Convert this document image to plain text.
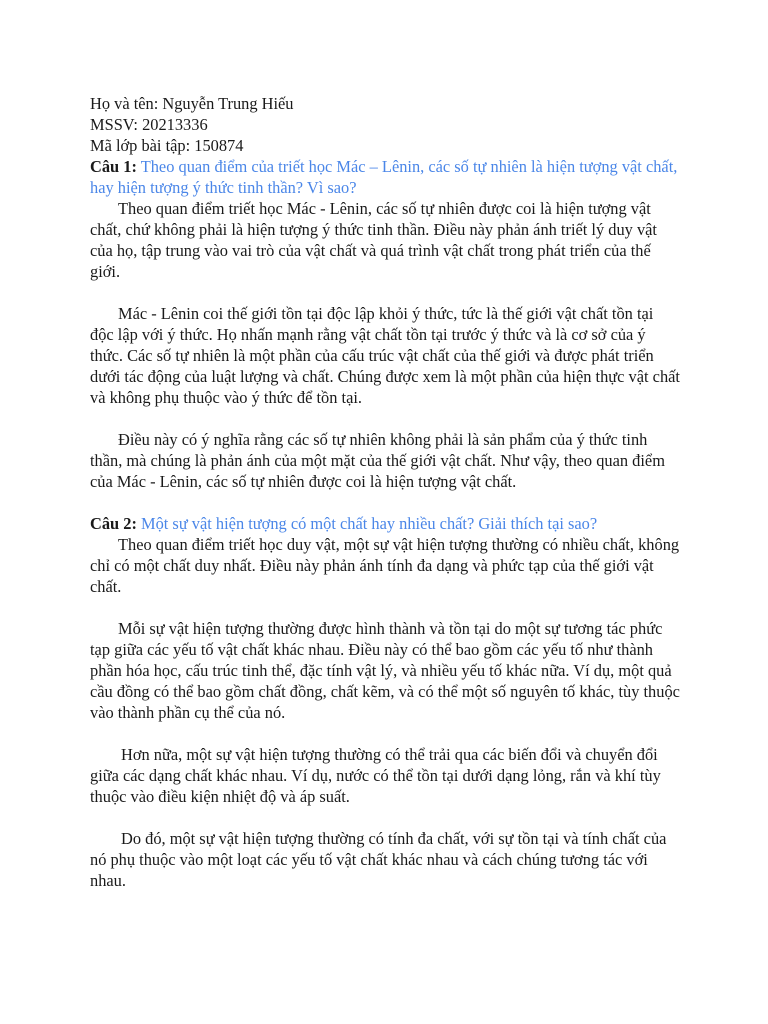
Họ và tên: Nguyễn Trung Hiếu

MSSV: 20213336

Mã lớp bài tập: 150874

Câu 1: Theo quan điểm của triết học Mác – Lênin, các số tự nhiên là hiện tượng vật chất, hay hiện tượng ý thức tinh thần? Vì sao?

Theo quan điểm triết học Mác - Lênin, các số tự nhiên được coi là hiện tượng vật chất, chứ không phải là hiện tượng ý thức tinh thần. Điều này phản ánh triết lý duy vật của họ, tập trung vào vai trò của vật chất và quá trình vật chất trong phát triển của thế giới.

Mác - Lênin coi thế giới tồn tại độc lập khỏi ý thức, tức là thế giới vật chất tồn tại độc lập với ý thức. Họ nhấn mạnh rằng vật chất tồn tại trước ý thức và là cơ sở của ý thức. Các số tự nhiên là một phần của cấu trúc vật chất của thế giới và được phát triển dưới tác động của luật lượng và chất. Chúng được xem là một phần của hiện thực vật chất và không phụ thuộc vào ý thức để tồn tại.

Điều này có ý nghĩa rằng các số tự nhiên không phải là sản phẩm của ý thức tinh thần, mà chúng là phản ánh của một mặt của thế giới vật chất. Như vậy, theo quan điểm của Mác - Lênin, các số tự nhiên được coi là hiện tượng vật chất.

Câu 2: Một sự vật hiện tượng có một chất hay nhiều chất? Giải thích tại sao?

Theo quan điểm triết học duy vật, một sự vật hiện tượng thường có nhiều chất, không chỉ có một chất duy nhất. Điều này phản ánh tính đa dạng và phức tạp của thế giới vật chất.

Mỗi sự vật hiện tượng thường được hình thành và tồn tại do một sự tương tác phức tạp giữa các yếu tố vật chất khác nhau. Điều này có thể bao gồm các yếu tố như thành phần hóa học, cấu trúc tinh thể, đặc tính vật lý, và nhiều yếu tố khác nữa. Ví dụ, một quả cầu đồng có thể bao gồm chất đồng, chất kẽm, và có thể một số nguyên tố khác, tùy thuộc vào thành phần cụ thể của nó.

Hơn nữa, một sự vật hiện tượng thường có thể trải qua các biến đổi và chuyển đổi giữa các dạng chất khác nhau. Ví dụ, nước có thể tồn tại dưới dạng lỏng, rắn và khí tùy thuộc vào điều kiện nhiệt độ và áp suất.

Do đó, một sự vật hiện tượng thường có tính đa chất, với sự tồn tại và tính chất của nó phụ thuộc vào một loạt các yếu tố vật chất khác nhau và cách chúng tương tác với nhau.
